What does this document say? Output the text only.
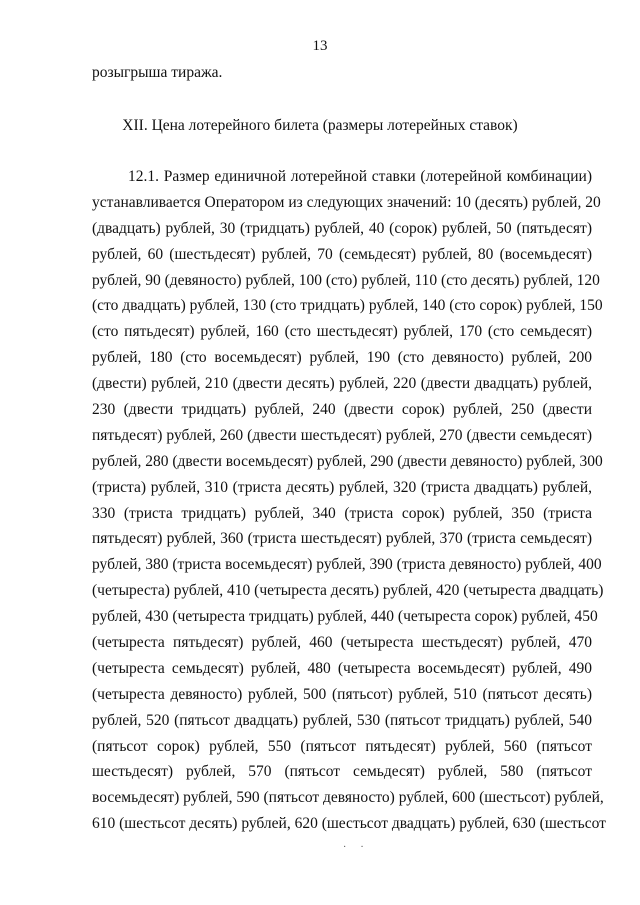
13
розыгрыша тиража.
XII. Цена лотерейного билета (размеры лотерейных ставок)
12.1. Размер единичной лотерейной ставки (лотерейной комбинации)
устанавливается Оператором из следующих значений: 10 (десять) рублей, 20
(двадцать) рублей, 30 (тридцать) рублей, 40 (сорок) рублей, 50 (пятьдесят)
рублей, 60 (шестьдесят) рублей, 70 (семьдесят) рублей, 80 (восемьдесят)
рублей, 90 (девяносто) рублей, 100 (сто) рублей, 110 (сто десять) рублей, 120
(сто двадцать) рублей, 130 (сто тридцать) рублей, 140 (сто сорок) рублей, 150
(сто пятьдесят) рублей, 160 (сто шестьдесят) рублей, 170 (сто семьдесят)
рублей, 180 (сто восемьдесят) рублей, 190 (сто девяносто) рублей, 200
(двести) рублей, 210 (двести десять) рублей, 220 (двести двадцать) рублей,
230 (двести тридцать) рублей, 240 (двести сорок) рублей, 250 (двести
пятьдесят) рублей, 260 (двести шестьдесят) рублей, 270 (двести семьдесят)
рублей, 280 (двести восемьдесят) рублей, 290 (двести девяносто) рублей, 300
(триста) рублей, 310 (триста десять) рублей, 320 (триста двадцать) рублей,
330 (триста тридцать) рублей, 340 (триста сорок) рублей, 350 (триста
пятьдесят) рублей, 360 (триста шестьдесят) рублей, 370 (триста семьдесят)
рублей, 380 (триста восемьдесят) рублей, 390 (триста девяносто) рублей, 400
(четыреста) рублей, 410 (четыреста десять) рублей, 420 (четыреста двадцать)
рублей, 430 (четыреста тридцать) рублей, 440 (четыреста сорок) рублей, 450
(четыреста пятьдесят) рублей, 460 (четыреста шестьдесят) рублей, 470
(четыреста семьдесят) рублей, 480 (четыреста восемьдесят) рублей, 490
(четыреста девяносто) рублей, 500 (пятьсот) рублей, 510 (пятьсот десять)
рублей, 520 (пятьсот двадцать) рублей, 530 (пятьсот тридцать) рублей, 540
(пятьсот сорок) рублей, 550 (пятьсот пятьдесят) рублей, 560 (пятьсот
шестьдесят) рублей, 570 (пятьсот семьдесят) рублей, 580 (пятьсот
восемьдесят) рублей, 590 (пятьсот девяносто) рублей, 600 (шестьсот) рублей,
610 (шестьсот десять) рублей, 620 (шестьсот двадцать) рублей, 630 (шестьсот
··
